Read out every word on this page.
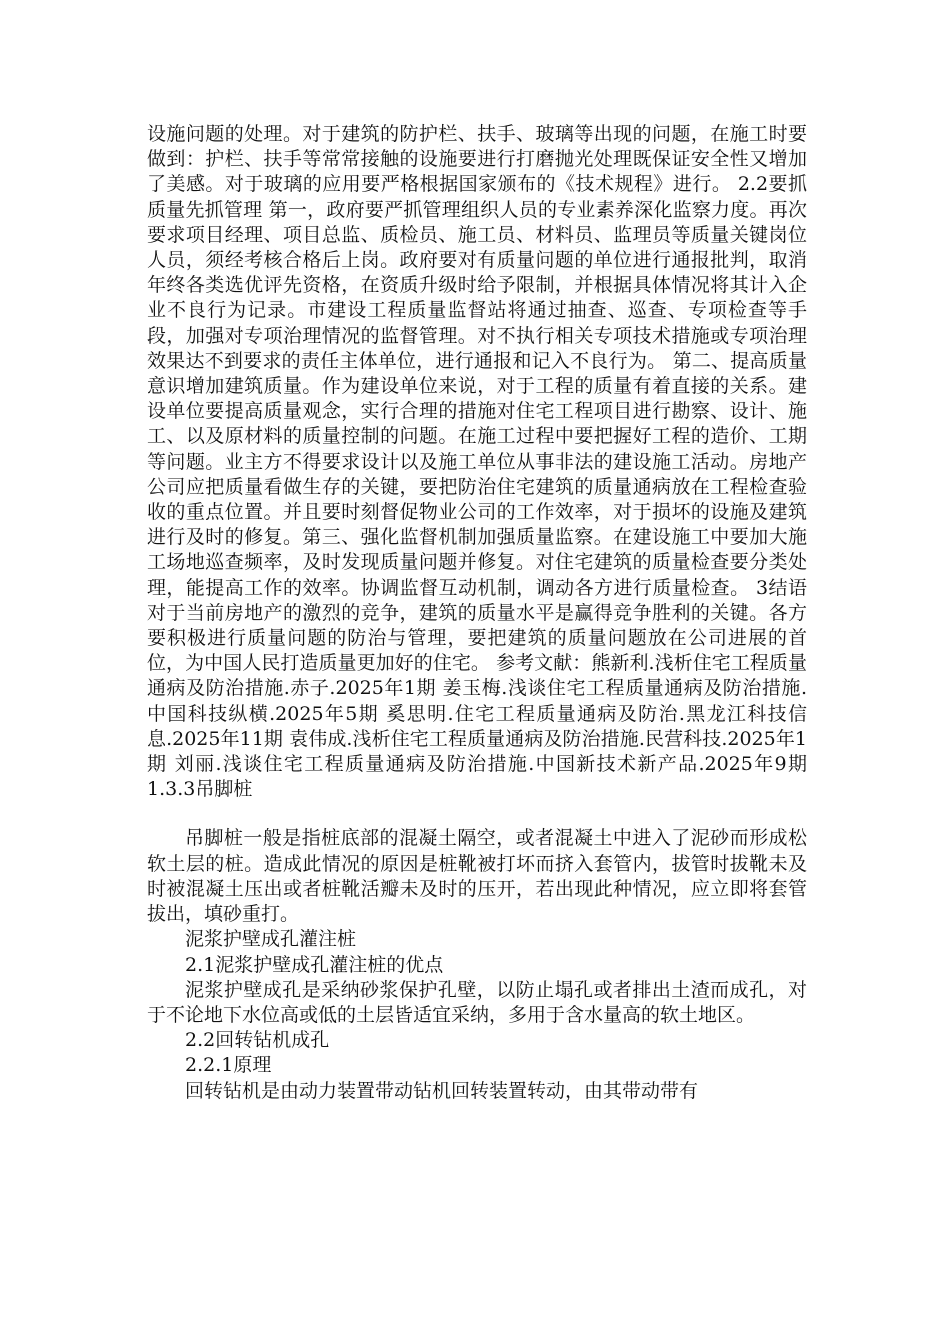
设施问题的处理。对于建筑的防护栏、扶手、玻璃等出现的问题，在施工时要做到：护栏、扶手等常常接触的设施要进行打磨抛光处理既保证安全性又增加了美感。对于玻璃的应用要严格根据国家颁布的《技术规程》进行。 2.2要抓质量先抓管理 第一，政府要严抓管理组织人员的专业素养深化监察力度。再次要求项目经理、项目总监、质检员、施工员、材料员、监理员等质量关键岗位人员，须经考核合格后上岗。政府要对有质量问题的单位进行通报批判，取消年终各类选优评先资格，在资质升级时给予限制，并根据具体情况将其计入企业不良行为记录。市建设工程质量监督站将通过抽查、巡查、专项检查等手段，加强对专项治理情况的监督管理。对不执行相关专项技术措施或专项治理效果达不到要求的责任主体单位，进行通报和记入不良行为。 第二、提高质量意识增加建筑质量。作为建设单位来说，对于工程的质量有着直接的关系。建设单位要提高质量观念，实行合理的措施对住宅工程项目进行勘察、设计、施工、以及原材料的质量控制的问题。在施工过程中要把握好工程的造价、工期等问题。业主方不得要求设计以及施工单位从事非法的建设施工活动。房地产公司应把质量看做生存的关键，要把防治住宅建筑的质量通病放在工程检查验收的重点位置。并且要时刻督促物业公司的工作效率，对于损坏的设施及建筑进行及时的修复。第三、强化监督机制加强质量监察。在建设施工中要加大施工场地巡查频率，及时发现质量问题并修复。对住宅建筑的质量检查要分类处理，能提高工作的效率。协调监督互动机制，调动各方进行质量检查。 3结语 对于当前房地产的激烈的竞争，建筑的质量水平是赢得竞争胜利的关键。各方要积极进行质量问题的防治与管理，要把建筑的质量问题放在公司进展的首位，为中国人民打造质量更加好的住宅。 参考文献：熊新利.浅析住宅工程质量通病及防治措施.赤子.2025年1期 姜玉梅.浅谈住宅工程质量通病及防治措施.中国科技纵横.2025年5期 奚思明.住宅工程质量通病及防治.黑龙江科技信息.2025年11期 袁伟成.浅析住宅工程质量通病及防治措施.民营科技.2025年1期 刘丽.浅谈住宅工程质量通病及防治措施.中国新技术新产品.2025年9期 1.3.3吊脚桩

吊脚桩一般是指桩底部的混凝土隔空，或者混凝土中进入了泥砂而形成松软土层的桩。造成此情况的原因是桩靴被打坏而挤入套管内，拔管时拔靴未及时被混凝土压出或者桩靴活瓣未及时的压开，若出现此种情况，应立即将套管拔出，填砂重打。

泥浆护壁成孔灌注桩

2.1泥浆护壁成孔灌注桩的优点

泥浆护壁成孔是采纳砂浆保护孔壁，以防止塌孔或者排出土渣而成孔，对于不论地下水位高或低的土层皆适宜采纳，多用于含水量高的软土地区。

2.2回转钻机成孔

2.2.1原理

回转钻机是由动力装置带动钻机回转装置转动，由其带动带有
